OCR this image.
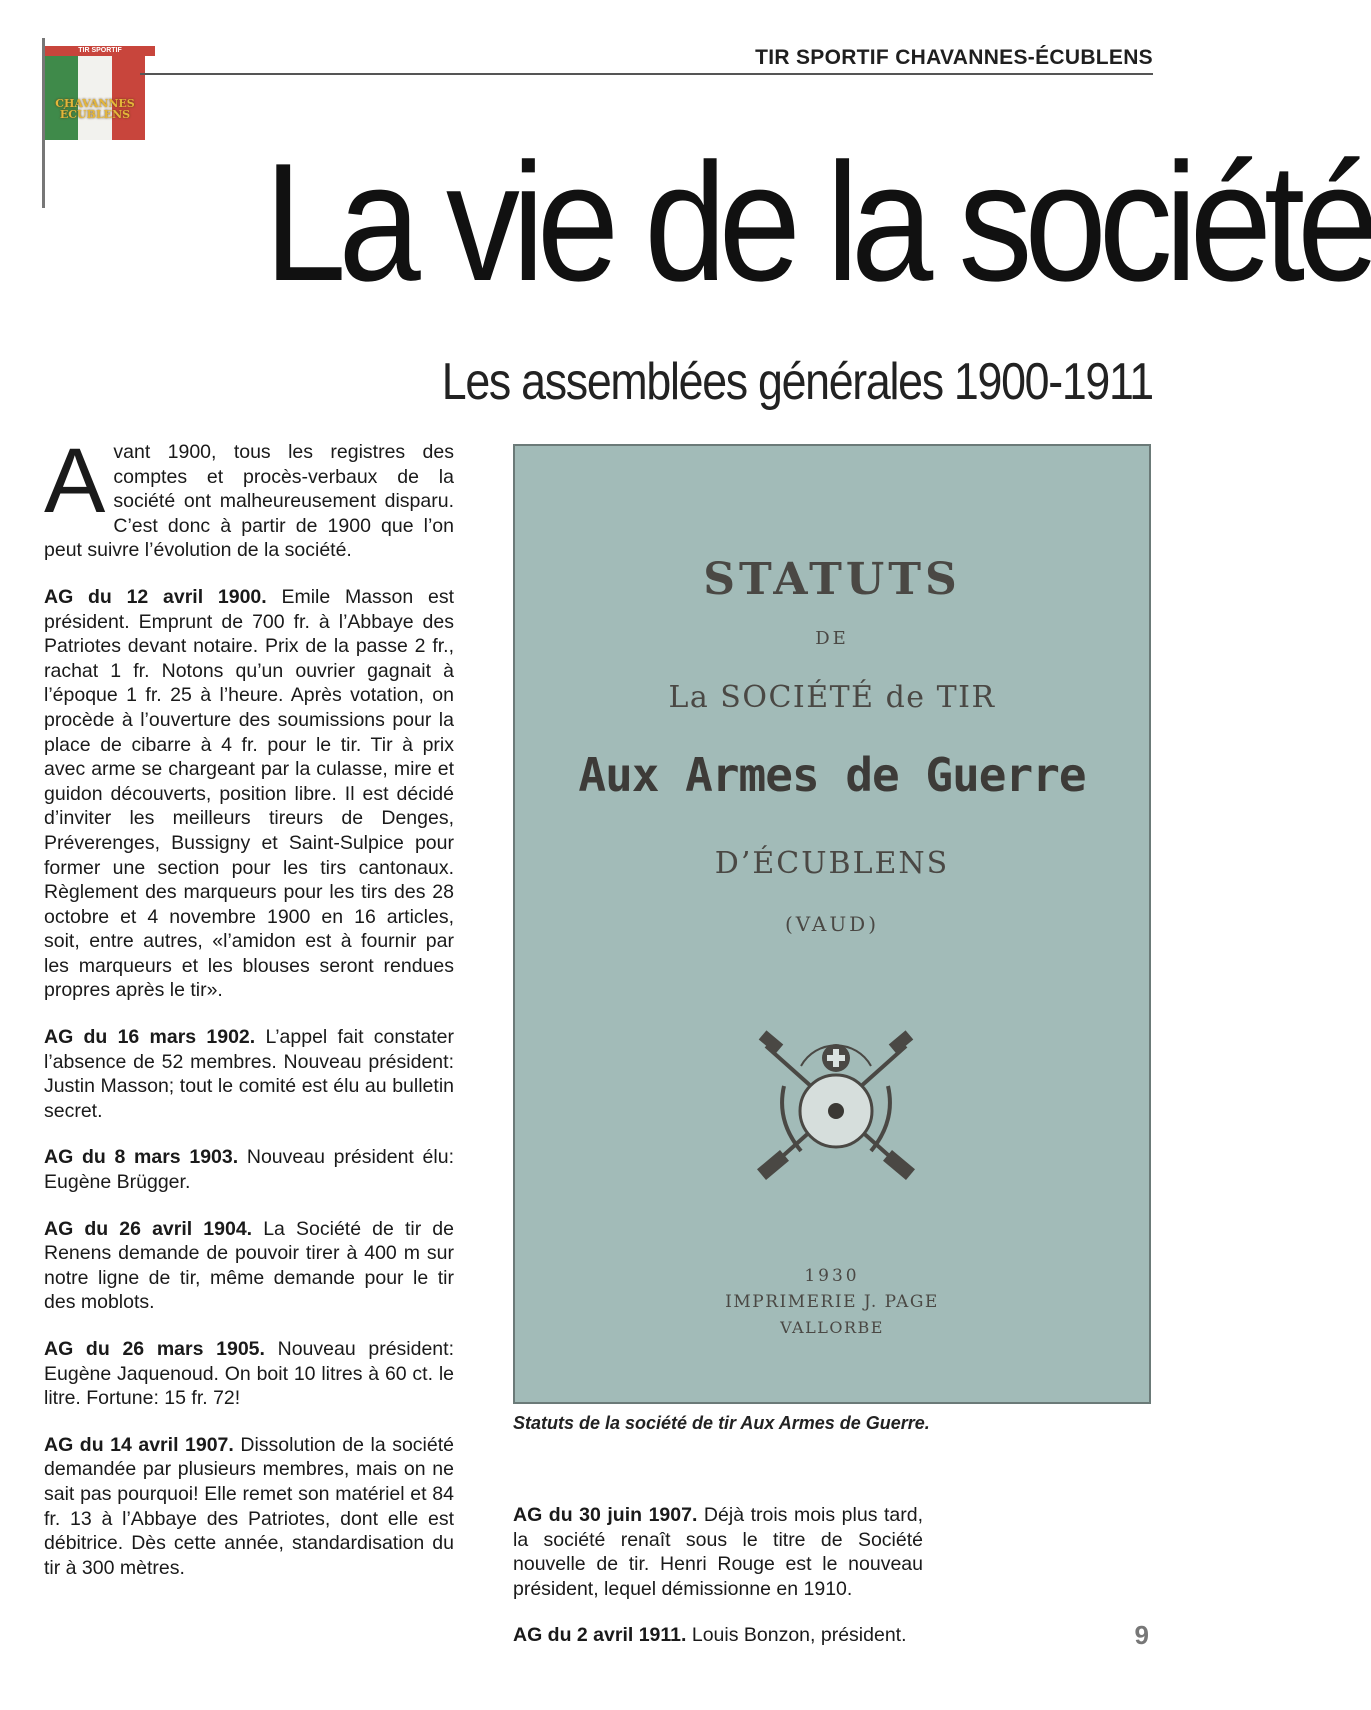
TIR SPORTIF
CHAVANNES
ÉCUBLENS
TIR SPORTIF CHAVANNES-ÉCUBLENS
La vie de la société
Les assemblées générales 1900-1911

Avant 1900, tous les registres des comptes et procès-verbaux de la société ont malheureusement disparu. C’est donc à partir de 1900 que l’on peut suivre l’évolution de la société.

AG du 12 avril 1900. Emile Masson est président. Emprunt de 700 fr. à l’Abbaye des Patriotes devant notaire. Prix de la passe 2 fr., rachat 1 fr. Notons qu’un ouvrier gagnait à l’époque 1 fr. 25 à l’heure. Après votation, on procède à l’ouverture des soumissions pour la place de cibarre à 4 fr. pour le tir. Tir à prix avec arme se chargeant par la culasse, mire et guidon découverts, position libre. Il est décidé d’inviter les meilleurs tireurs de Denges, Préverenges, Bussigny et Saint-Sulpice pour former une section pour les tirs cantonaux. Règlement des marqueurs pour les tirs des 28 octobre et 4 novembre 1900 en 16 articles, soit, entre autres, «l’amidon est à fournir par les marqueurs et les blouses seront rendues propres après le tir».

AG du 16 mars 1902. L’appel fait constater l’absence de 52 membres. Nouveau président: Justin Masson; tout le comité est élu au bulletin secret.

AG du 8 mars 1903. Nouveau président élu: Eugène Brügger.

AG du 26 avril 1904. La Société de tir de Renens demande de pouvoir tirer à 400 m sur notre ligne de tir, même demande pour le tir des moblots.

AG du 26 mars 1905. Nouveau président: Eugène Jaquenoud. On boit 10 litres à 60 ct. le litre. Fortune: 15 fr. 72!

AG du 14 avril 1907. Dissolution de la société demandée par plusieurs membres, mais on ne sait pas pourquoi! Elle remet son matériel et 84 fr. 13 à l’Abbaye des Patriotes, dont elle est débitrice. Dès cette année, standardisation du tir à 300 mètres.

STATUTS
DE
La SOCIÉTÉ de TIR
Aux Armes de Guerre
D’ÉCUBLENS
(VAUD)
1930
IMPRIMERIE J. PAGE
VALLORBE
Statuts de la société de tir Aux Armes de Guerre.

AG du 30 juin 1907. Déjà trois mois plus tard, la société renaît sous le titre de Société nouvelle de tir. Henri Rouge est le nouveau président, lequel démissionne en 1910.

AG du 2 avril 1911. Louis Bonzon, président.	9
